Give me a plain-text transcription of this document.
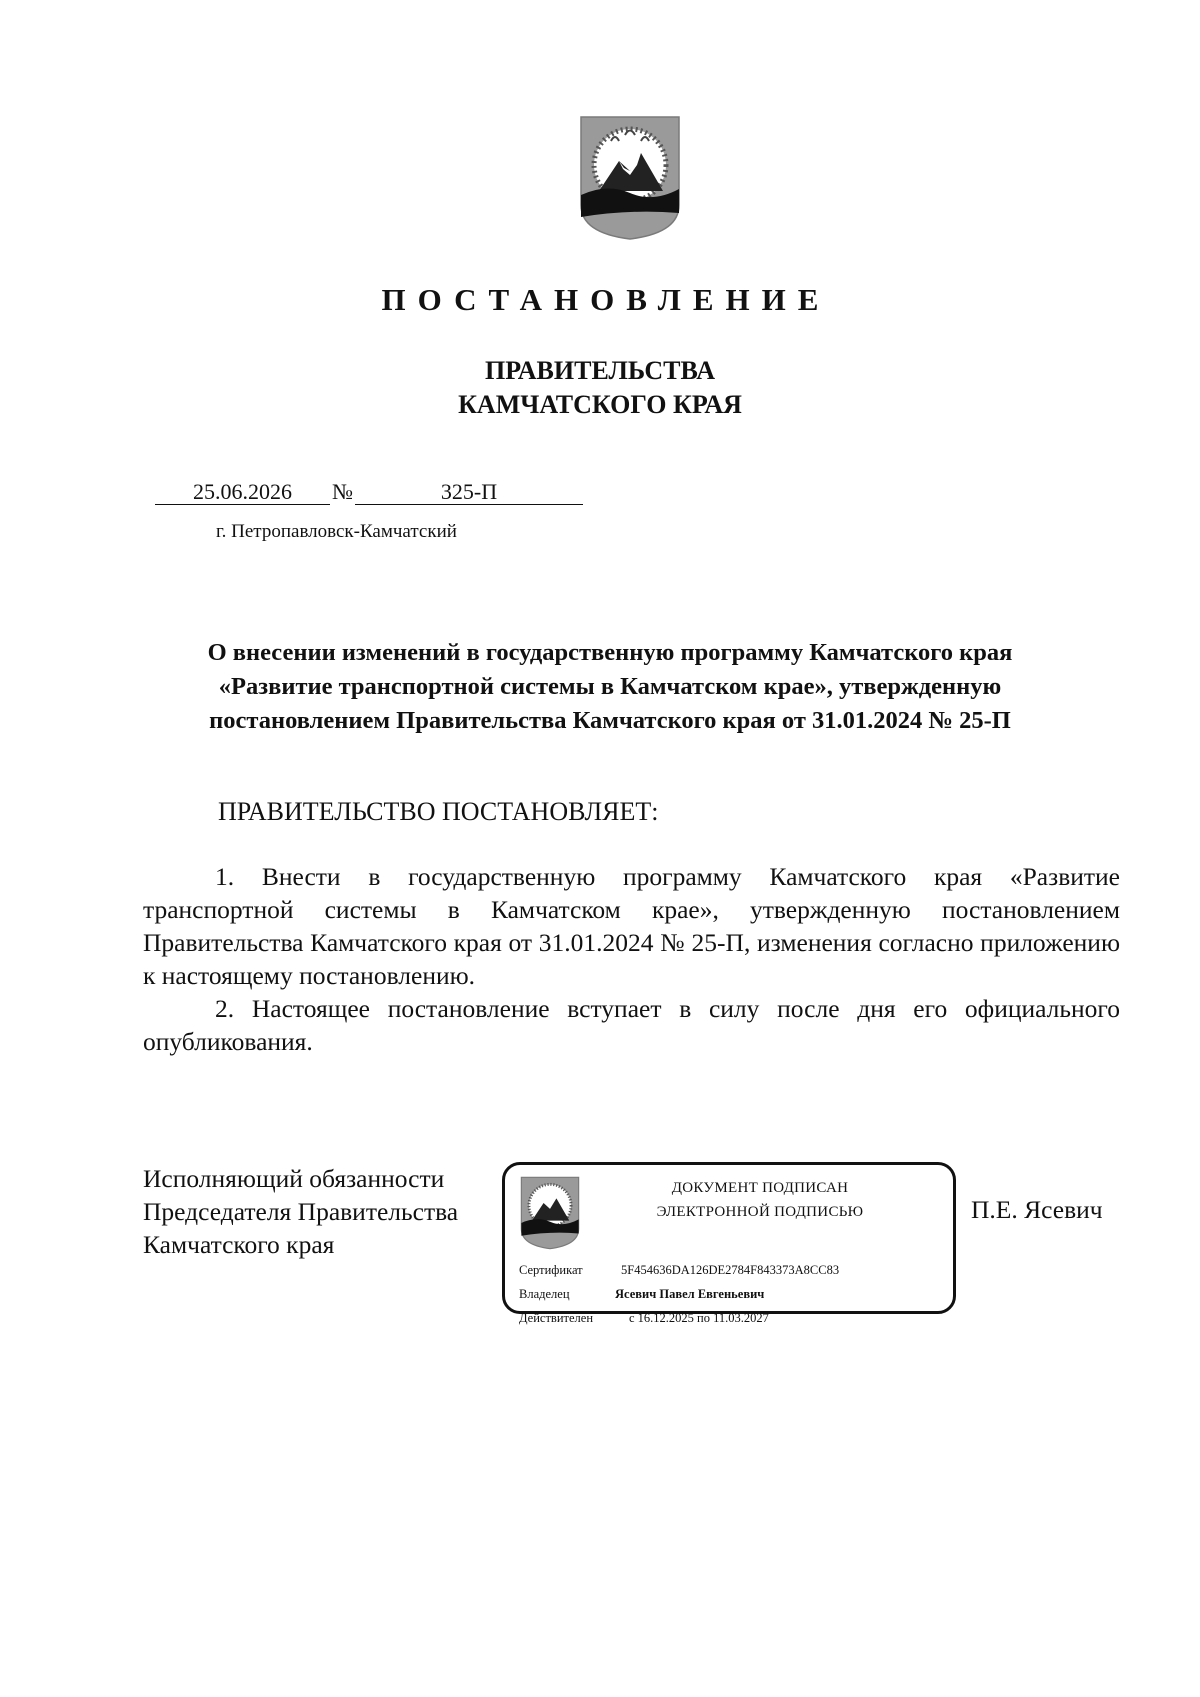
ПОСТАНОВЛЕНИЕ
ПРАВИТЕЛЬСТВА
КАМЧАТСКОГО КРАЯ
25.06.2026 №	325-П
г. Петропавловск-Камчатский
О внесении изменений в государственную программу Камчатского края
«Развитие транспортной системы в Камчатском крае», утвержденную
постановлением Правительства Камчатского края от 31.01.2024 № 25-П
ПРАВИТЕЛЬСТВО ПОСТАНОВЛЯЕТ:

1. Внести в государственную программу Камчатского края «Развитие транспортной системы в Камчатском крае», утвержденную постановлением Правительства Камчатского края от 31.01.2024 № 25-П, изменения согласно приложению к настоящему постановлению.

2. Настоящее постановление вступает в силу после дня его официального опубликования.

Исполняющий обязанности
Председателя Правительства
Камчатского края
ДОКУМЕНТ ПОДПИСАН
ЭЛЕКТРОННОЙ ПОДПИСЬЮ
Сертификат	5F454636DA126DE2784F843373A8CC83
Владелец	Ясевич Павел Евгеньевич
Действителен	с 16.12.2025 по 11.03.2027
П.Е. Ясевич
